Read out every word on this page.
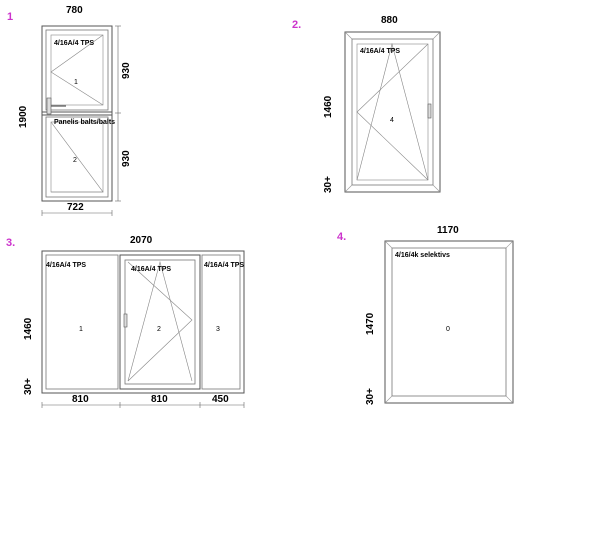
1
780
1900
4/16A/4 TPS
1
Panelis balts/balts
2
930
930
722
2.	880
1460
30+
4/16A/4 TPS
4
3.	2070
1460
30+
4/16A/4 TPS
4/16A/4 TPS
4/16A/4 TPS
1	2	3
810	810	450
4.
1170
1470
30+
4/16/4k selektivs
0
